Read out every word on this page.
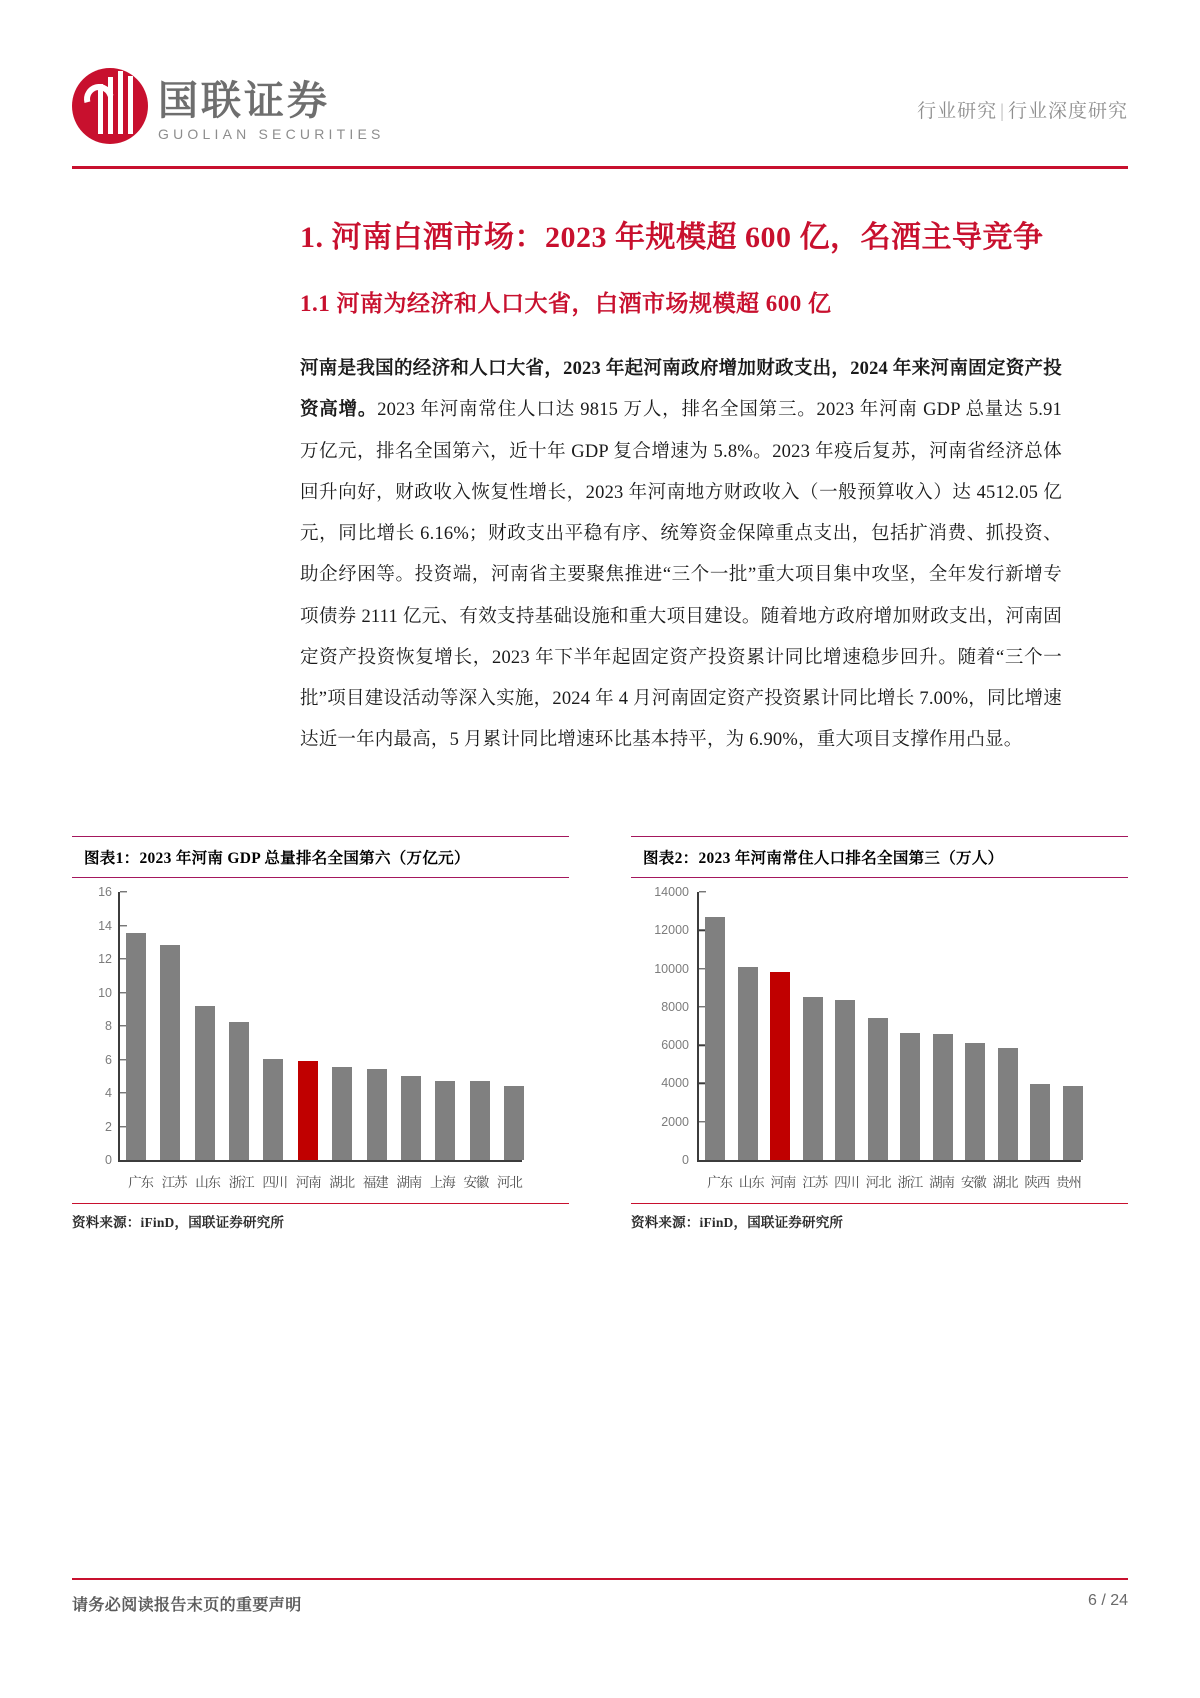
国联证券
GUOLIAN SECURITIES
行业研究 | 行业深度研究
1. 河南白酒市场：2023 年规模超 600 亿，名酒主导竞争
1.1 河南为经济和人口大省，白酒市场规模超 600 亿

河南是我国的经济和人口大省，2023 年起河南政府增加财政支出，2024 年来河南固定资产投资高增。2023 年河南常住人口达 9815 万人，排名全国第三。2023 年河南 GDP 总量达 5.91 万亿元，排名全国第六，近十年 GDP 复合增速为 5.8%。2023 年疫后复苏，河南省经济总体回升向好，财政收入恢复性增长，2023 年河南地方财政收入（一般预算收入）达 4512.05 亿元，同比增长 6.16%；财政支出平稳有序、统筹资金保障重点支出，包括扩消费、抓投资、助企纾困等。投资端，河南省主要聚焦推进“三个一批”重大项目集中攻坚，全年发行新增专项债券 2111 亿元、有效支持基础设施和重大项目建设。随着地方政府增加财政支出，河南固定资产投资恢复增长，2023 年下半年起固定资产投资累计同比增速稳步回升。随着“三个一批”项目建设活动等深入实施，2024 年 4 月河南固定资产投资累计同比增长 7.00%，同比增速达近一年内最高，5 月累计同比增速环比基本持平，为 6.90%，重大项目支撑作用凸显。

图表1：2023 年河南 GDP 总量排名全国第六（万亿元）
0
2
4
6
8
10
12
14
16
广东 江苏 山东 浙江 四川 河南 湖北 福建 湖南 上海 安徽 河北
资料来源：iFinD，国联证券研究所
图表2：2023 年河南常住人口排名全国第三（万人）
0
2000
4000
6000
8000
10000
12000
14000
广东 山东 河南 江苏 四川 河北 浙江 湖南 安徽 湖北 陕西 贵州
资料来源：iFinD，国联证券研究所
请务必阅读报告末页的重要声明	6 / 24
